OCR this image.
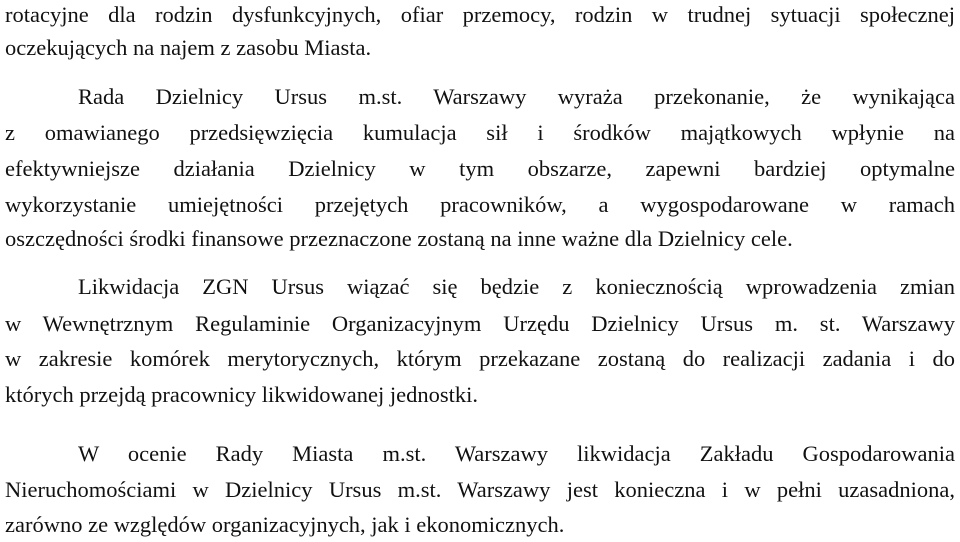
rotacyjne dla rodzin dysfunkcyjnych, ofiar przemocy, rodzin w trudnej sytuacji społecznej
oczekujących na najem z zasobu Miasta.
Rada Dzielnicy Ursus m.st. Warszawy wyraża przekonanie, że wynikająca
z omawianego przedsięwzięcia kumulacja sił i środków majątkowych wpłynie na
efektywniejsze działania Dzielnicy w tym obszarze, zapewni bardziej optymalne
wykorzystanie umiejętności przejętych pracowników, a wygospodarowane w ramach
oszczędności środki finansowe przeznaczone zostaną na inne ważne dla Dzielnicy cele.
Likwidacja ZGN Ursus wiązać się będzie z koniecznością wprowadzenia zmian
w Wewnętrznym Regulaminie Organizacyjnym Urzędu Dzielnicy Ursus m. st. Warszawy
w zakresie komórek merytorycznych, którym przekazane zostaną do realizacji zadania i do
których przejdą pracownicy likwidowanej jednostki.
W ocenie Rady Miasta m.st. Warszawy likwidacja Zakładu Gospodarowania
Nieruchomościami w Dzielnicy Ursus m.st. Warszawy jest konieczna i w pełni uzasadniona,
zarówno ze względów organizacyjnych, jak i ekonomicznych.
